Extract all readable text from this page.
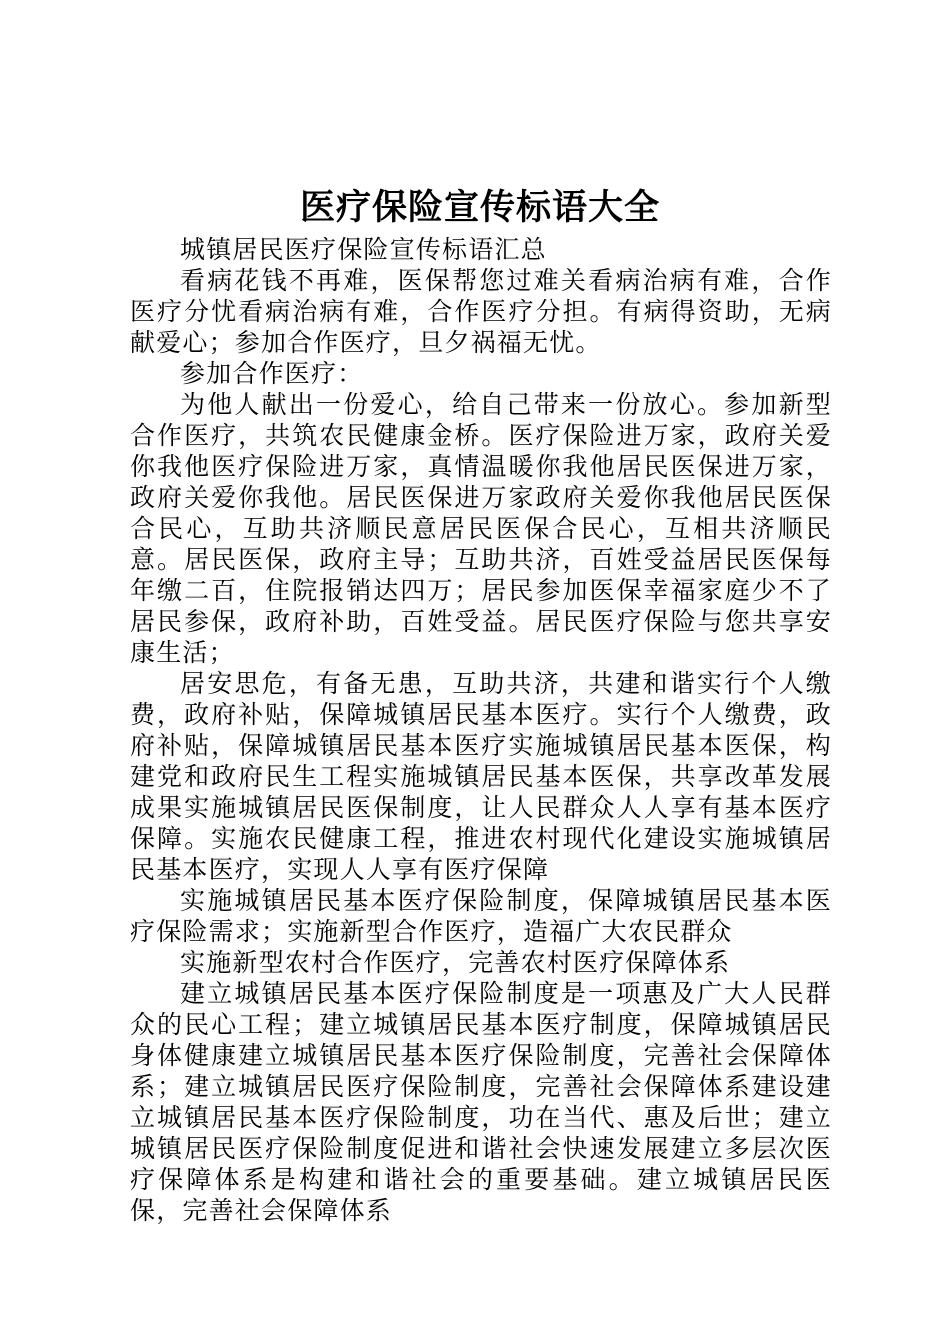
医疗保险宣传标语大全

城镇居民医疗保险宣传标语汇总

看病花钱不再难，医保帮您过难关看病治病有难，合作医疗分忧看病治病有难，合作医疗分担。有病得资助，无病献爱心；参加合作医疗，旦夕祸福无忧。

参加合作医疗：

为他人献出一份爱心，给自己带来一份放心。参加新型合作医疗，共筑农民健康金桥。医疗保险进万家，政府关爱你我他医疗保险进万家，真情温暖你我他居民医保进万家，政府关爱你我他。居民医保进万家政府关爱你我他居民医保合民心，互助共济顺民意居民医保合民心，互相共济顺民意。居民医保，政府主导；互助共济，百姓受益居民医保每年缴二百，住院报销达四万；居民参加医保幸福家庭少不了居民参保，政府补助，百姓受益。居民医疗保险与您共享安康生活；

居安思危，有备无患，互助共济，共建和谐实行个人缴费，政府补贴，保障城镇居民基本医疗。实行个人缴费，政府补贴，保障城镇居民基本医疗实施城镇居民基本医保，构建党和政府民生工程实施城镇居民基本医保，共享改革发展成果实施城镇居民医保制度，让人民群众人人享有基本医疗保障。实施农民健康工程，推进农村现代化建设实施城镇居民基本医疗，实现人人享有医疗保障

实施城镇居民基本医疗保险制度，保障城镇居民基本医疗保险需求；实施新型合作医疗，造福广大农民群众

实施新型农村合作医疗，完善农村医疗保障体系

建立城镇居民基本医疗保险制度是一项惠及广大人民群众的民心工程；建立城镇居民基本医疗制度，保障城镇居民身体健康建立城镇居民基本医疗保险制度，完善社会保障体系；建立城镇居民医疗保险制度，完善社会保障体系建设建立城镇居民基本医疗保险制度，功在当代、惠及后世；建立城镇居民医疗保险制度促进和谐社会快速发展建立多层次医疗保障体系是构建和谐社会的重要基础。建立城镇居民医保，完善社会保障体系
